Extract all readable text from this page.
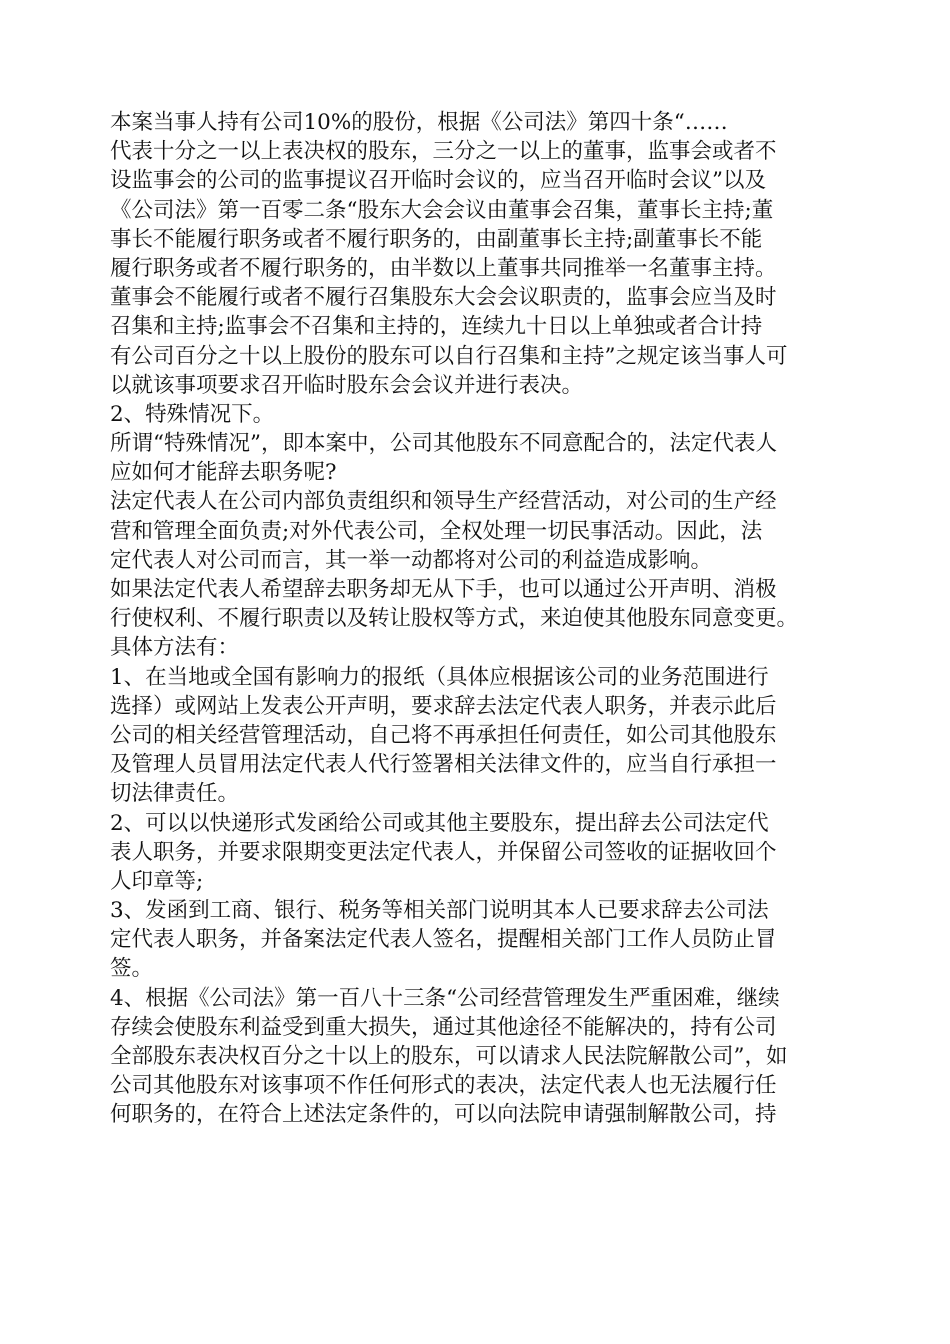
本案当事人持有公司10%的股份，根据《公司法》第四十条“……
代表十分之一以上表决权的股东，三分之一以上的董事，监事会或者不
设监事会的公司的监事提议召开临时会议的，应当召开临时会议”以及
《公司法》第一百零二条“股东大会会议由董事会召集，董事长主持;董
事长不能履行职务或者不履行职务的，由副董事长主持;副董事长不能
履行职务或者不履行职务的，由半数以上董事共同推举一名董事主持。
董事会不能履行或者不履行召集股东大会会议职责的，监事会应当及时
召集和主持;监事会不召集和主持的，连续九十日以上单独或者合计持
有公司百分之十以上股份的股东可以自行召集和主持”之规定该当事人可
以就该事项要求召开临时股东会会议并进行表决。
2、特殊情况下。
所谓“特殊情况”，即本案中，公司其他股东不同意配合的，法定代表人
应如何才能辞去职务呢?
法定代表人在公司内部负责组织和领导生产经营活动，对公司的生产经
营和管理全面负责;对外代表公司，全权处理一切民事活动。因此，法
定代表人对公司而言，其一举一动都将对公司的利益造成影响。
如果法定代表人希望辞去职务却无从下手，也可以通过公开声明、消极
行使权利、不履行职责以及转让股权等方式，来迫使其他股东同意变更。
具体方法有：
1、在当地或全国有影响力的报纸（具体应根据该公司的业务范围进行
选择）或网站上发表公开声明，要求辞去法定代表人职务，并表示此后
公司的相关经营管理活动，自己将不再承担任何责任，如公司其他股东
及管理人员冒用法定代表人代行签署相关法律文件的，应当自行承担一
切法律责任。
2、可以以快递形式发函给公司或其他主要股东，提出辞去公司法定代
表人职务，并要求限期变更法定代表人，并保留公司签收的证据收回个
人印章等;
3、发函到工商、银行、税务等相关部门说明其本人已要求辞去公司法
定代表人职务，并备案法定代表人签名，提醒相关部门工作人员防止冒
签。
4、根据《公司法》第一百八十三条“公司经营管理发生严重困难，继续
存续会使股东利益受到重大损失，通过其他途径不能解决的，持有公司
全部股东表决权百分之十以上的股东，可以请求人民法院解散公司”，如
公司其他股东对该事项不作任何形式的表决，法定代表人也无法履行任
何职务的，在符合上述法定条件的，可以向法院申请强制解散公司，持
